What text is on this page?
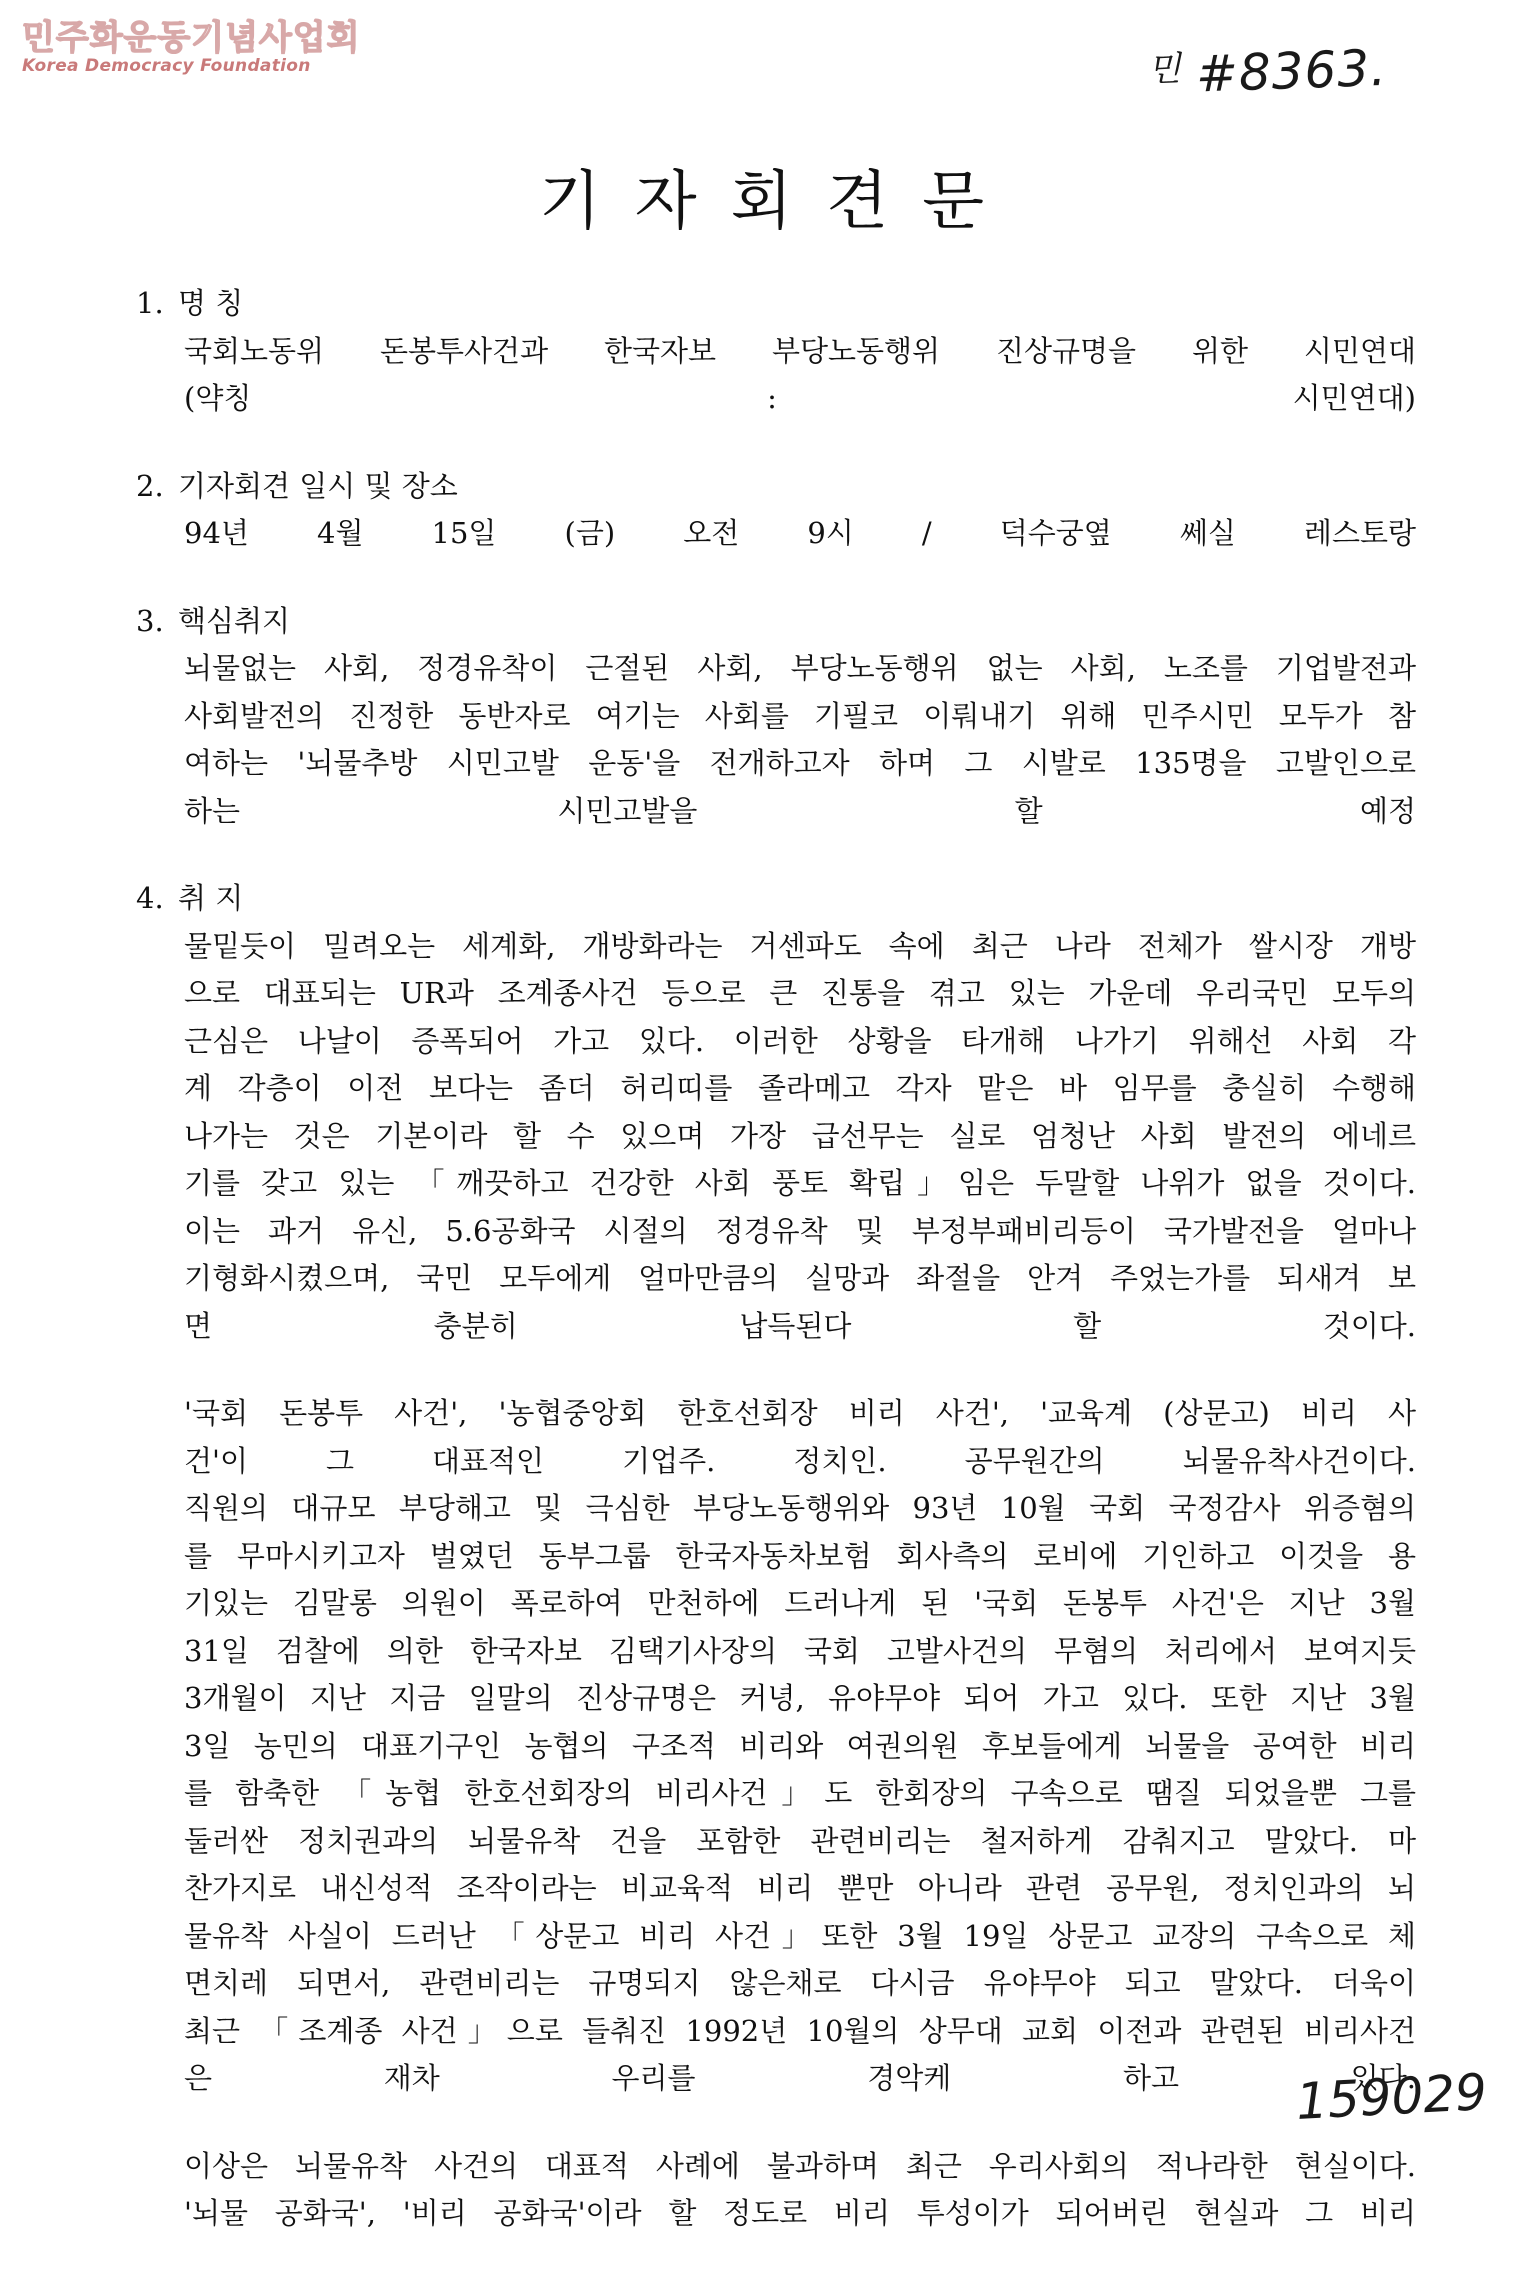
민주화운동기념사업회
Korea Democracy Foundation	$^민$ #8363.
기자회견문
1. 명 칭
국회노동위 돈봉투사건과 한국자보 부당노동행위 진상규명을 위한 시민연대
(약칭 : 시민연대)
2. 기자회견 일시 및 장소
94년 4월 15일 (금) 오전 9시 / 덕수궁옆 쎄실 레스토랑
3. 핵심취지
뇌물없는 사회, 정경유착이 근절된 사회, 부당노동행위 없는 사회, 노조를 기업발전과
사회발전의 진정한 동반자로 여기는 사회를 기필코 이뤄내기 위해 민주시민 모두가 참
여하는 '뇌물추방 시민고발 운동'을 전개하고자 하며 그 시발로 135명을 고발인으로
하는 시민고발을 할 예정
4. 취 지
물밑듯이 밀려오는 세계화, 개방화라는 거센파도 속에 최근 나라 전체가 쌀시장 개방
으로 대표되는 UR과 조계종사건 등으로 큰 진통을 겪고 있는 가운데 우리국민 모두의
근심은 나날이 증폭되어 가고 있다. 이러한 상황을 타개해 나가기 위해선 사회 각
계 각층이 이전 보다는 좀더 허리띠를 졸라메고 각자 맡은 바 임무를 충실히 수행해
나가는 것은 기본이라 할 수 있으며 가장 급선무는 실로 엄청난 사회 발전의 에네르
기를 갖고 있는 「깨끗하고 건강한 사회 풍토 확립」임은 두말할 나위가 없을 것이다.
이는 과거 유신, 5.6공화국 시절의 정경유착 및 부정부패비리등이 국가발전을 얼마나
기형화시켰으며, 국민 모두에게 얼마만큼의 실망과 좌절을 안겨 주었는가를 되새겨 보
면 충분히 납득된다 할 것이다.
'국회 돈봉투 사건', '농협중앙회 한호선회장 비리 사건', '교육계 (상문고) 비리 사
건'이 그 대표적인 기업주. 정치인. 공무원간의 뇌물유착사건이다.
직원의 대규모 부당해고 및 극심한 부당노동행위와 93년 10월 국회 국정감사 위증혐의
를 무마시키고자 벌였던 동부그룹 한국자동차보험 회사측의 로비에 기인하고 이것을 용
기있는 김말롱 의원이 폭로하여 만천하에 드러나게 된 '국회 돈봉투 사건'은 지난 3월
31일 검찰에 의한 한국자보 김택기사장의 국회 고발사건의 무혐의 처리에서 보여지듯
3개월이 지난 지금 일말의 진상규명은 커녕, 유야무야 되어 가고 있다. 또한 지난 3월
3일 농민의 대표기구인 농협의 구조적 비리와 여권의원 후보들에게 뇌물을 공여한 비리
를 함축한 「농협 한호선회장의 비리사건」도 한회장의 구속으로 땜질 되었을뿐 그를
둘러싼 정치권과의 뇌물유착 건을 포함한 관련비리는 철저하게 감춰지고 말았다. 마
찬가지로 내신성적 조작이라는 비교육적 비리 뿐만 아니라 관련 공무원, 정치인과의 뇌
물유착 사실이 드러난 「상문고 비리 사건」또한 3월 19일 상문고 교장의 구속으로 체
면치레 되면서, 관련비리는 규명되지 않은채로 다시금 유야무야 되고 말았다. 더욱이
최근 「조계종 사건」으로 들춰진 1992년 10월의 상무대 교회 이전과 관련된 비리사건
은 재차 우리를 경악케 하고 있다.
이상은 뇌물유착 사건의 대표적 사례에 불과하며 최근 우리사회의 적나라한 현실이다.
'뇌물 공화국', '비리 공화국'이라 할 정도로 비리 투성이가 되어버린 현실과 그 비리
159029
